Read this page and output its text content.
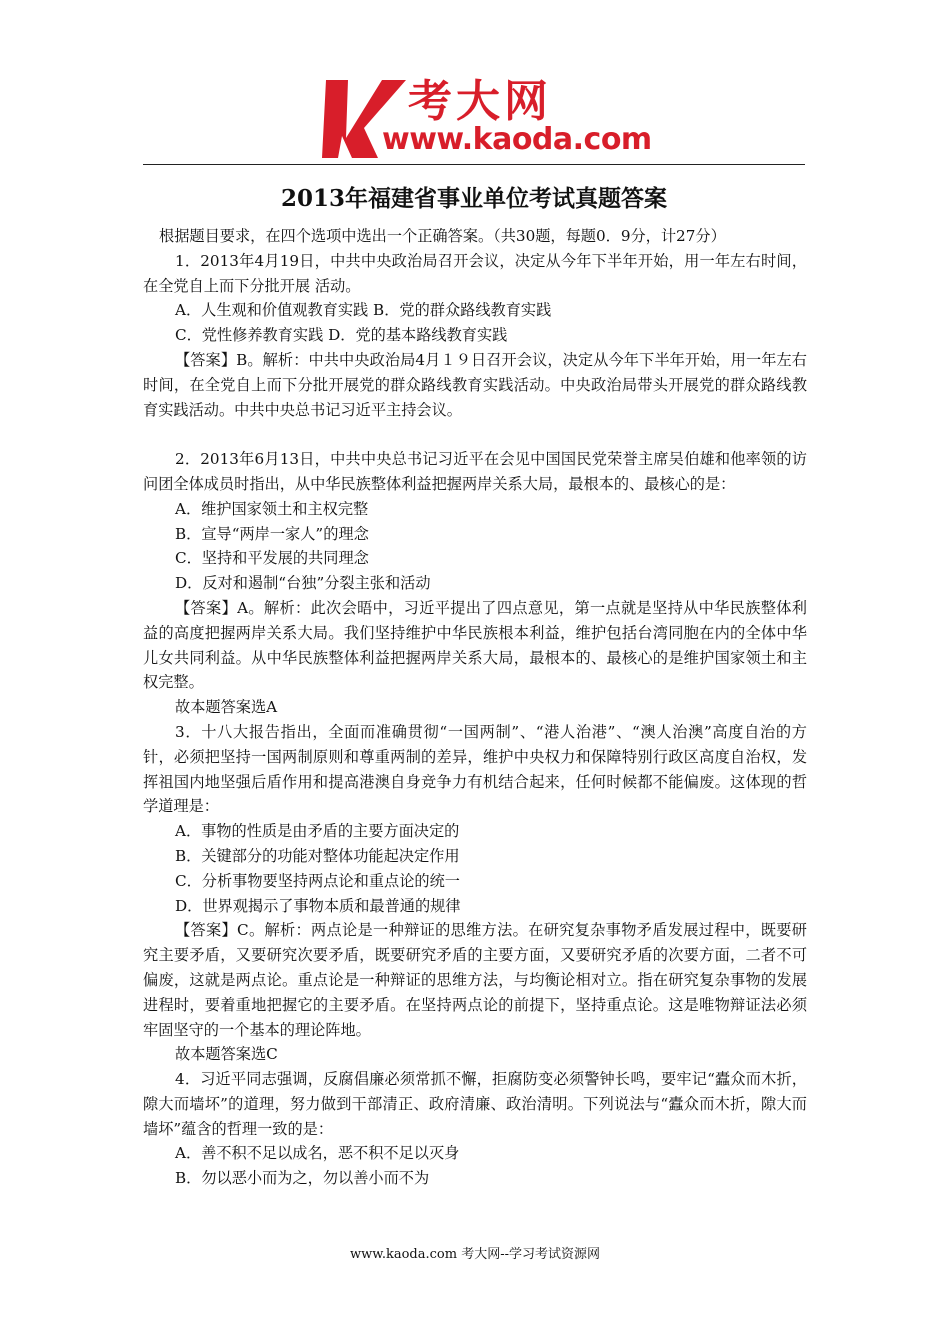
考大网
www.kaoda.com
2013年福建省事业单位考试真题答案

根据题目要求，在四个选项中选出一个正确答案。（共30题，每题0．9分，计27分）

1．2013年4月19日，中共中央政治局召开会议，决定从今年下半年开始，用一年左右时间，在全党自上而下分批开展 活动。

A．人生观和价值观教育实践 B．党的群众路线教育实践

C．党性修养教育实践 D．党的基本路线教育实践

【答案】B。解析：中共中央政治局4月１９日召开会议，决定从今年下半年开始，用一年左右时间，在全党自上而下分批开展党的群众路线教育实践活动。中央政治局带头开展党的群众路线教育实践活动。中共中央总书记习近平主持会议。

2．2013年6月13日，中共中央总书记习近平在会见中国国民党荣誉主席吴伯雄和他率领的访问团全体成员时指出，从中华民族整体利益把握两岸关系大局，最根本的、最核心的是：

A．维护国家领土和主权完整

B．宣导“两岸一家人”的理念

C．坚持和平发展的共同理念

D．反对和遏制“台独”分裂主张和活动

【答案】A。解析：此次会晤中，习近平提出了四点意见，第一点就是坚持从中华民族整体利益的高度把握两岸关系大局。我们坚持维护中华民族根本利益，维护包括台湾同胞在内的全体中华儿女共同利益。从中华民族整体利益把握两岸关系大局，最根本的、最核心的是维护国家领土和主权完整。

故本题答案选A

3．十八大报告指出，全面而准确贯彻“一国两制”、“港人治港”、“澳人治澳”高度自治的方针，必须把坚持一国两制原则和尊重两制的差异，维护中央权力和保障特别行政区高度自治权，发挥祖国内地坚强后盾作用和提高港澳自身竞争力有机结合起来，任何时候都不能偏废。这体现的哲学道理是：

A．事物的性质是由矛盾的主要方面决定的

B．关键部分的功能对整体功能起决定作用

C．分析事物要坚持两点论和重点论的统一

D．世界观揭示了事物本质和最普通的规律

【答案】C。解析：两点论是一种辩证的思维方法。在研究复杂事物矛盾发展过程中，既要研究主要矛盾，又要研究次要矛盾，既要研究矛盾的主要方面，又要研究矛盾的次要方面，二者不可偏废，这就是两点论。重点论是一种辩证的思维方法，与均衡论相对立。指在研究复杂事物的发展进程时，要着重地把握它的主要矛盾。在坚持两点论的前提下，坚持重点论。这是唯物辩证法必须牢固坚守的一个基本的理论阵地。

故本题答案选C

4．习近平同志强调，反腐倡廉必须常抓不懈，拒腐防变必须警钟长鸣，要牢记“蠹众而木折，隙大而墙坏”的道理，努力做到干部清正、政府清廉、政治清明。下列说法与“蠹众而木折，隙大而墙坏”蕴含的哲理一致的是：

A．善不积不足以成名，恶不积不足以灭身

B．勿以恶小而为之，勿以善小而不为

www.kaoda.com 考大网--学习考试资源网
